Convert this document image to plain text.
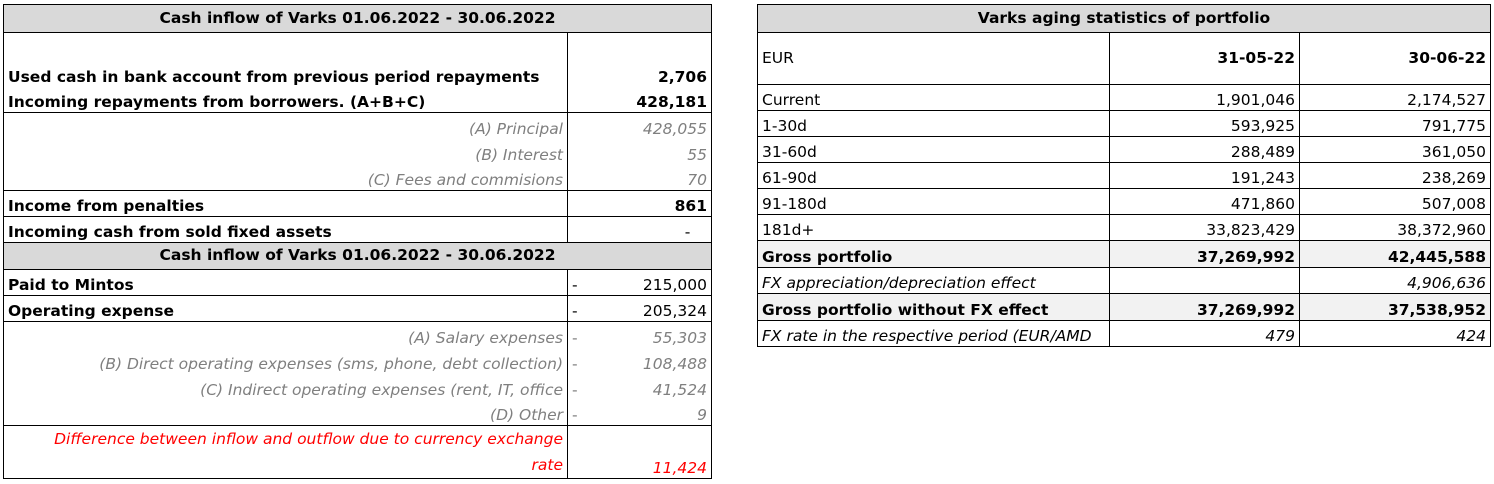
Cash inflow of Varks 01.06.2022 - 30.06.2022	
Used cash in bank account from previous period repayments	2,706
Incoming repayments from borrowers. (A+B+C)	428,181
(A) Principal	428,055
(B) Interest	55
(C) Fees and commisions	70
Income from penalties	861
Incoming cash from sold fixed assets	-
Cash inflow of Varks 01.06.2022 - 30.06.2022	
Paid to Mintos	- 215,000
Operating expense	- 205,324
(A) Salary expenses	- 55,303
(B) Direct operating expenses (sms, phone, debt collection)	- 108,488
(C) Indirect operating expenses (rent, IT, office	- 41,524
(D) Other	- 9

Difference between inflow and outflow due to currency exchange
rate	11,424
Varks aging statistics of portfolio		
EUR	31-05-22	30-06-22
Current	1,901,046	2,174,527
1-30d	593,925	791,775
31-60d	288,489	361,050
61-90d	191,243	238,269
91-180d	471,860	507,008
181d+	33,823,429	38,372,960
Gross portfolio	37,269,992	42,445,588
FX appreciation/depreciation effect		4,906,636
Gross portfolio without FX effect	37,269,992	37,538,952
FX rate in the respective period (EUR/AMD	479	424
